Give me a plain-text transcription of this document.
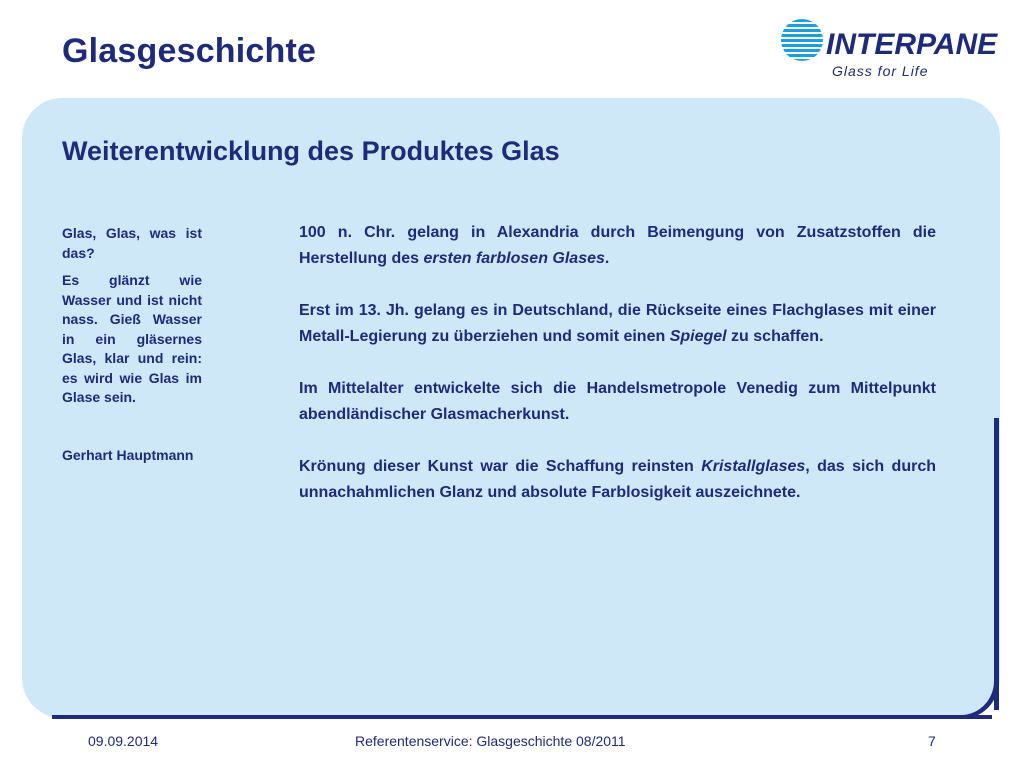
Glasgeschichte	INTERPANE
Glass for Life
Weiterentwicklung des Produktes Glas

Glas, Glas, was ist das?

Es glänzt wie Wasser und ist nicht nass. Gieß Wasser in ein gläsernes Glas, klar und rein: es wird wie Glas im Glase sein.

Gerhart Hauptmann

100 n. Chr. gelang in Alexandria durch Beimengung von Zusatzstoffen die Herstellung des ersten farblosen Glases.

Erst im 13. Jh. gelang es in Deutschland, die Rückseite eines Flachglases mit einer Metall-Legierung zu überziehen und somit einen Spiegel zu schaffen.

Im Mittelalter entwickelte sich die Handelsmetropole Venedig zum Mittelpunkt abendländischer Glasmacherkunst.

Krönung dieser Kunst war die Schaffung reinsten Kristallglases, das sich durch unnachahmlichen Glanz und absolute Farblosigkeit auszeichnete.

09.09.2014	Referentenservice: Glasgeschichte 08/2011	7
